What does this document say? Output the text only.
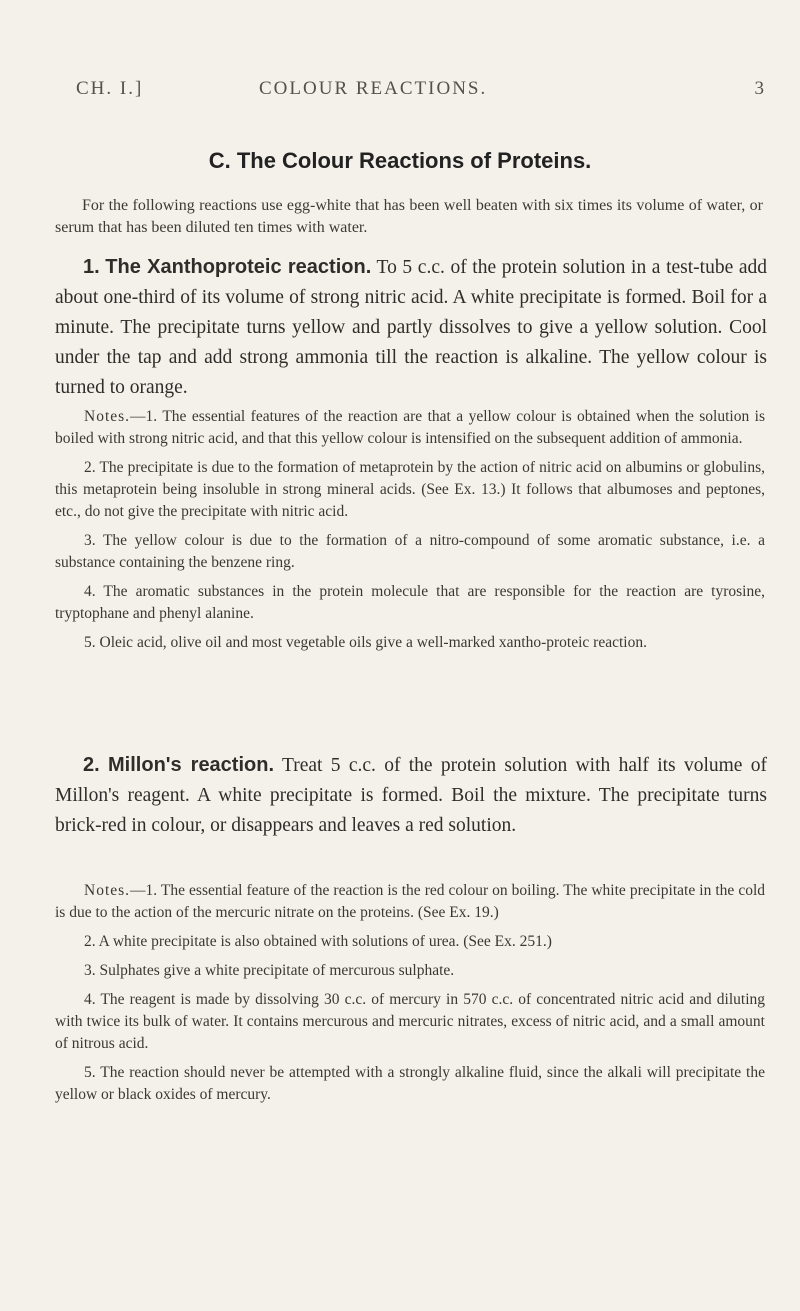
CH. I.]	COLOUR REACTIONS.	3
C. The Colour Reactions of Proteins.

For the following reactions use egg-white that has been well beaten with six times its volume of water, or serum that has been diluted ten times with water.

1. The Xanthoproteic reaction. To 5 c.c. of the protein solution in a test-tube add about one-third of its volume of strong nitric acid. A white precipitate is formed. Boil for a minute. The precipitate turns yellow and partly dissolves to give a yellow solution. Cool under the tap and add strong ammonia till the reaction is alkaline. The yellow colour is turned to orange.

Notes.—1. The essential features of the reaction are that a yellow colour is obtained when the solution is boiled with strong nitric acid, and that this yellow colour is intensified on the subsequent addition of ammonia.

2. The precipitate is due to the formation of metaprotein by the action of nitric acid on albumins or globulins, this metaprotein being insoluble in strong mineral acids. (See Ex. 13.) It follows that albumoses and peptones, etc., do not give the precipitate with nitric acid.

3. The yellow colour is due to the formation of a nitro-compound of some aromatic substance, i.e. a substance containing the benzene ring.

4. The aromatic substances in the protein molecule that are responsible for the reaction are tyrosine, tryptophane and phenyl alanine.

5. Oleic acid, olive oil and most vegetable oils give a well-marked xantho-proteic reaction.

2. Millon's reaction. Treat 5 c.c. of the protein solution with half its volume of Millon's reagent. A white precipitate is formed. Boil the mixture. The precipitate turns brick-red in colour, or disappears and leaves a red solution.

Notes.—1. The essential feature of the reaction is the red colour on boiling. The white precipitate in the cold is due to the action of the mercuric nitrate on the proteins. (See Ex. 19.)

2. A white precipitate is also obtained with solutions of urea. (See Ex. 251.)

3. Sulphates give a white precipitate of mercurous sulphate.

4. The reagent is made by dissolving 30 c.c. of mercury in 570 c.c. of concentrated nitric acid and diluting with twice its bulk of water. It contains mercurous and mercuric nitrates, excess of nitric acid, and a small amount of nitrous acid.

5. The reaction should never be attempted with a strongly alkaline fluid, since the alkali will precipitate the yellow or black oxides of mercury.
